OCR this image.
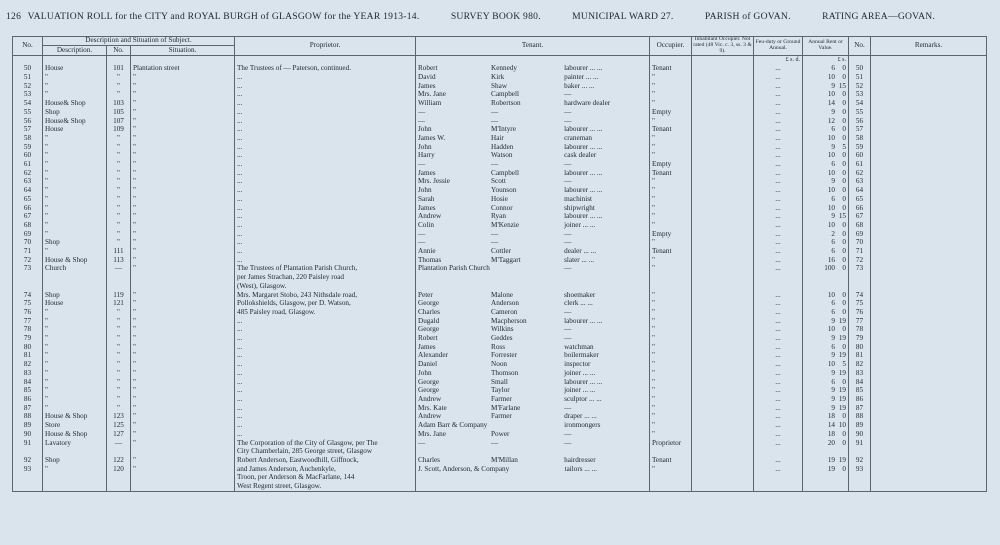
126 VALUATION ROLL for the CITY and ROYAL BURGH of GLASGOW for the YEAR 1913-14.	SURVEY BOOK 980.	MUNICIPAL WARD 27.	PARISH of GOVAN.	RATING AREA—GOVAN.
No.	Description and Situation of Subject.			Proprietor.	Tenant.	Occupier.	Inhabitant Occupier. Not rated (48 Vic. c. 3, ss. 3 & 9).	Feu-duty or Ground Annual.	Annual Rent or Value.	No.	Remarks.
	Description.	No.	Situation.								
								£ s. d.	£ s.		
50	House	101	Plantation street	The Trustees of — Paterson, continued.	Robert Kennedy labourer ... ...	Tenant		...	6 0	50	
51	"	"	"	...	David Kirk painter ... ...	"		...	10 0	51	
52	"	"	"	...	James Shaw baker ... ...	"		...	9 15	52	
53	"	"	"	...	Mrs. Jane Campbell —	"		...	10 0	53	
54	House& Shop	103	"	...	William Robertson hardware dealer	"		...	14 0	54	
55	Shop	105	"	...	— — —	Empty		...	9 0	55	
56	House& Shop	107	"	...	— — —	"		...	12 0	56	
57	House	109	"	...	John M'Intyre labourer ... ...	Tenant		...	6 0	57	
58	"	"	"	...	James W. Hair craneman	"		...	10 0	58	
59	"	"	"	...	John Hadden labourer ... ...	"		...	9 5	59	
60	"	"	"	...	Harry Watson cask dealer	"		...	10 0	60	
61	"	"	"	...	— — —	Empty		...	6 0	61	
62	"	"	"	...	James Campbell labourer ... ...	Tenant		...	10 0	62	
63	"	"	"	...	Mrs. Jessie Scott —	"		...	9 0	63	
64	"	"	"	...	John Younson labourer ... ...	"		...	10 0	64	
65	"	"	"	...	Sarah Hosie machinist	"		...	6 0	65	
66	"	"	"	...	James Connor shipwright	"		...	10 0	66	
67	"	"	"	...	Andrew Ryan labourer ... ...	"		...	9 15	67	
68	"	"	"	...	Colin M'Kenzie joiner ... ...	"		...	10 0	68	
69	"	"	"	...	— — —	Empty		...	2 0	69	
70	Shop	"	"	...	— — —	"		...	6 0	70	
71	"	111	"	...	Annie Cottler dealer ... ...	Tenant		...	6 0	71	
72	House & Shop	113	"	...	Thomas M'Taggart slater ... ...	"		...	16 0	72	
73	Church	—	"	The Trustees of Plantation Parish Church,	Plantation Parish Church —	"		...	100 0	73	
				per James Strachan, 220 Paisley road	

				(West), Glasgow.	

74	Shop	119	"	Mrs. Margaret Stobo, 243 Nithsdale road,	Peter Malone shoemaker	"		...	10 0	74	
75	House	121	"	Pollokshields, Glasgow, per D. Watson,	George Anderson clerk ... ...	"		...	6 0	75	
76	"	"	"	485 Paisley road, Glasgow.	Charles Cameron —	"		...	6 0	76	
77	"	"	"	...	Dugald Macpherson labourer ... ...	"		...	9 19	77	
78	"	"	"	...	George Wilkins —	"		...	10 0	78	
79	"	"	"	...	Robert Geddes —	"		...	9 19	79	
80	"	"	"	...	James Ross watchman	"		...	6 0	80	
81	"	"	"	...	Alexander Forrester boilermaker	"		...	9 19	81	
82	"	"	"	...	Daniel Noon inspector	"		...	10 5	82	
83	"	"	"	...	John Thomson joiner ... ...	"		...	9 19	83	
84	"	"	"	...	George Small labourer ... ...	"		...	6 0	84	
85	"	"	"	...	George Taylor joiner ... ...	"		...	9 19	85	
86	"	"	"	...	Andrew Farmer sculptor ... ...	"		...	9 19	86	
87	"	"	"	...	Mrs. Kate M'Farlane —	"		...	9 19	87	
88	House & Shop	123	"	...	Andrew Farmer draper ... ...	"		...	18 0	88	
89	Store	125	"	...	Adam Barr & Company ironmongers	"		...	14 10	89	
90	House & Shop	127	"	...	Mrs. Jane Power —	"		...	18 0	90	
91	Lavatory	—	"	The Corporation of the City of Glasgow, per The	— — —	Proprietor		...	20 0	91	
				City Chamberlain, 285 George street, Glasgow	

92	Shop	122	"	Robert Anderson, Eastwoodhill, Giffnock,	Charles M'Millan hairdresser	Tenant		...	19 19	92	
93	"	120	"	and James Anderson, Auchenkyle,	J. Scott, Anderson, & Company tailors ... ...	"		...	19 0	93	
				Troon, per Anderson & MacFarlane, 144	

				West Regent street, Glasgow.	
